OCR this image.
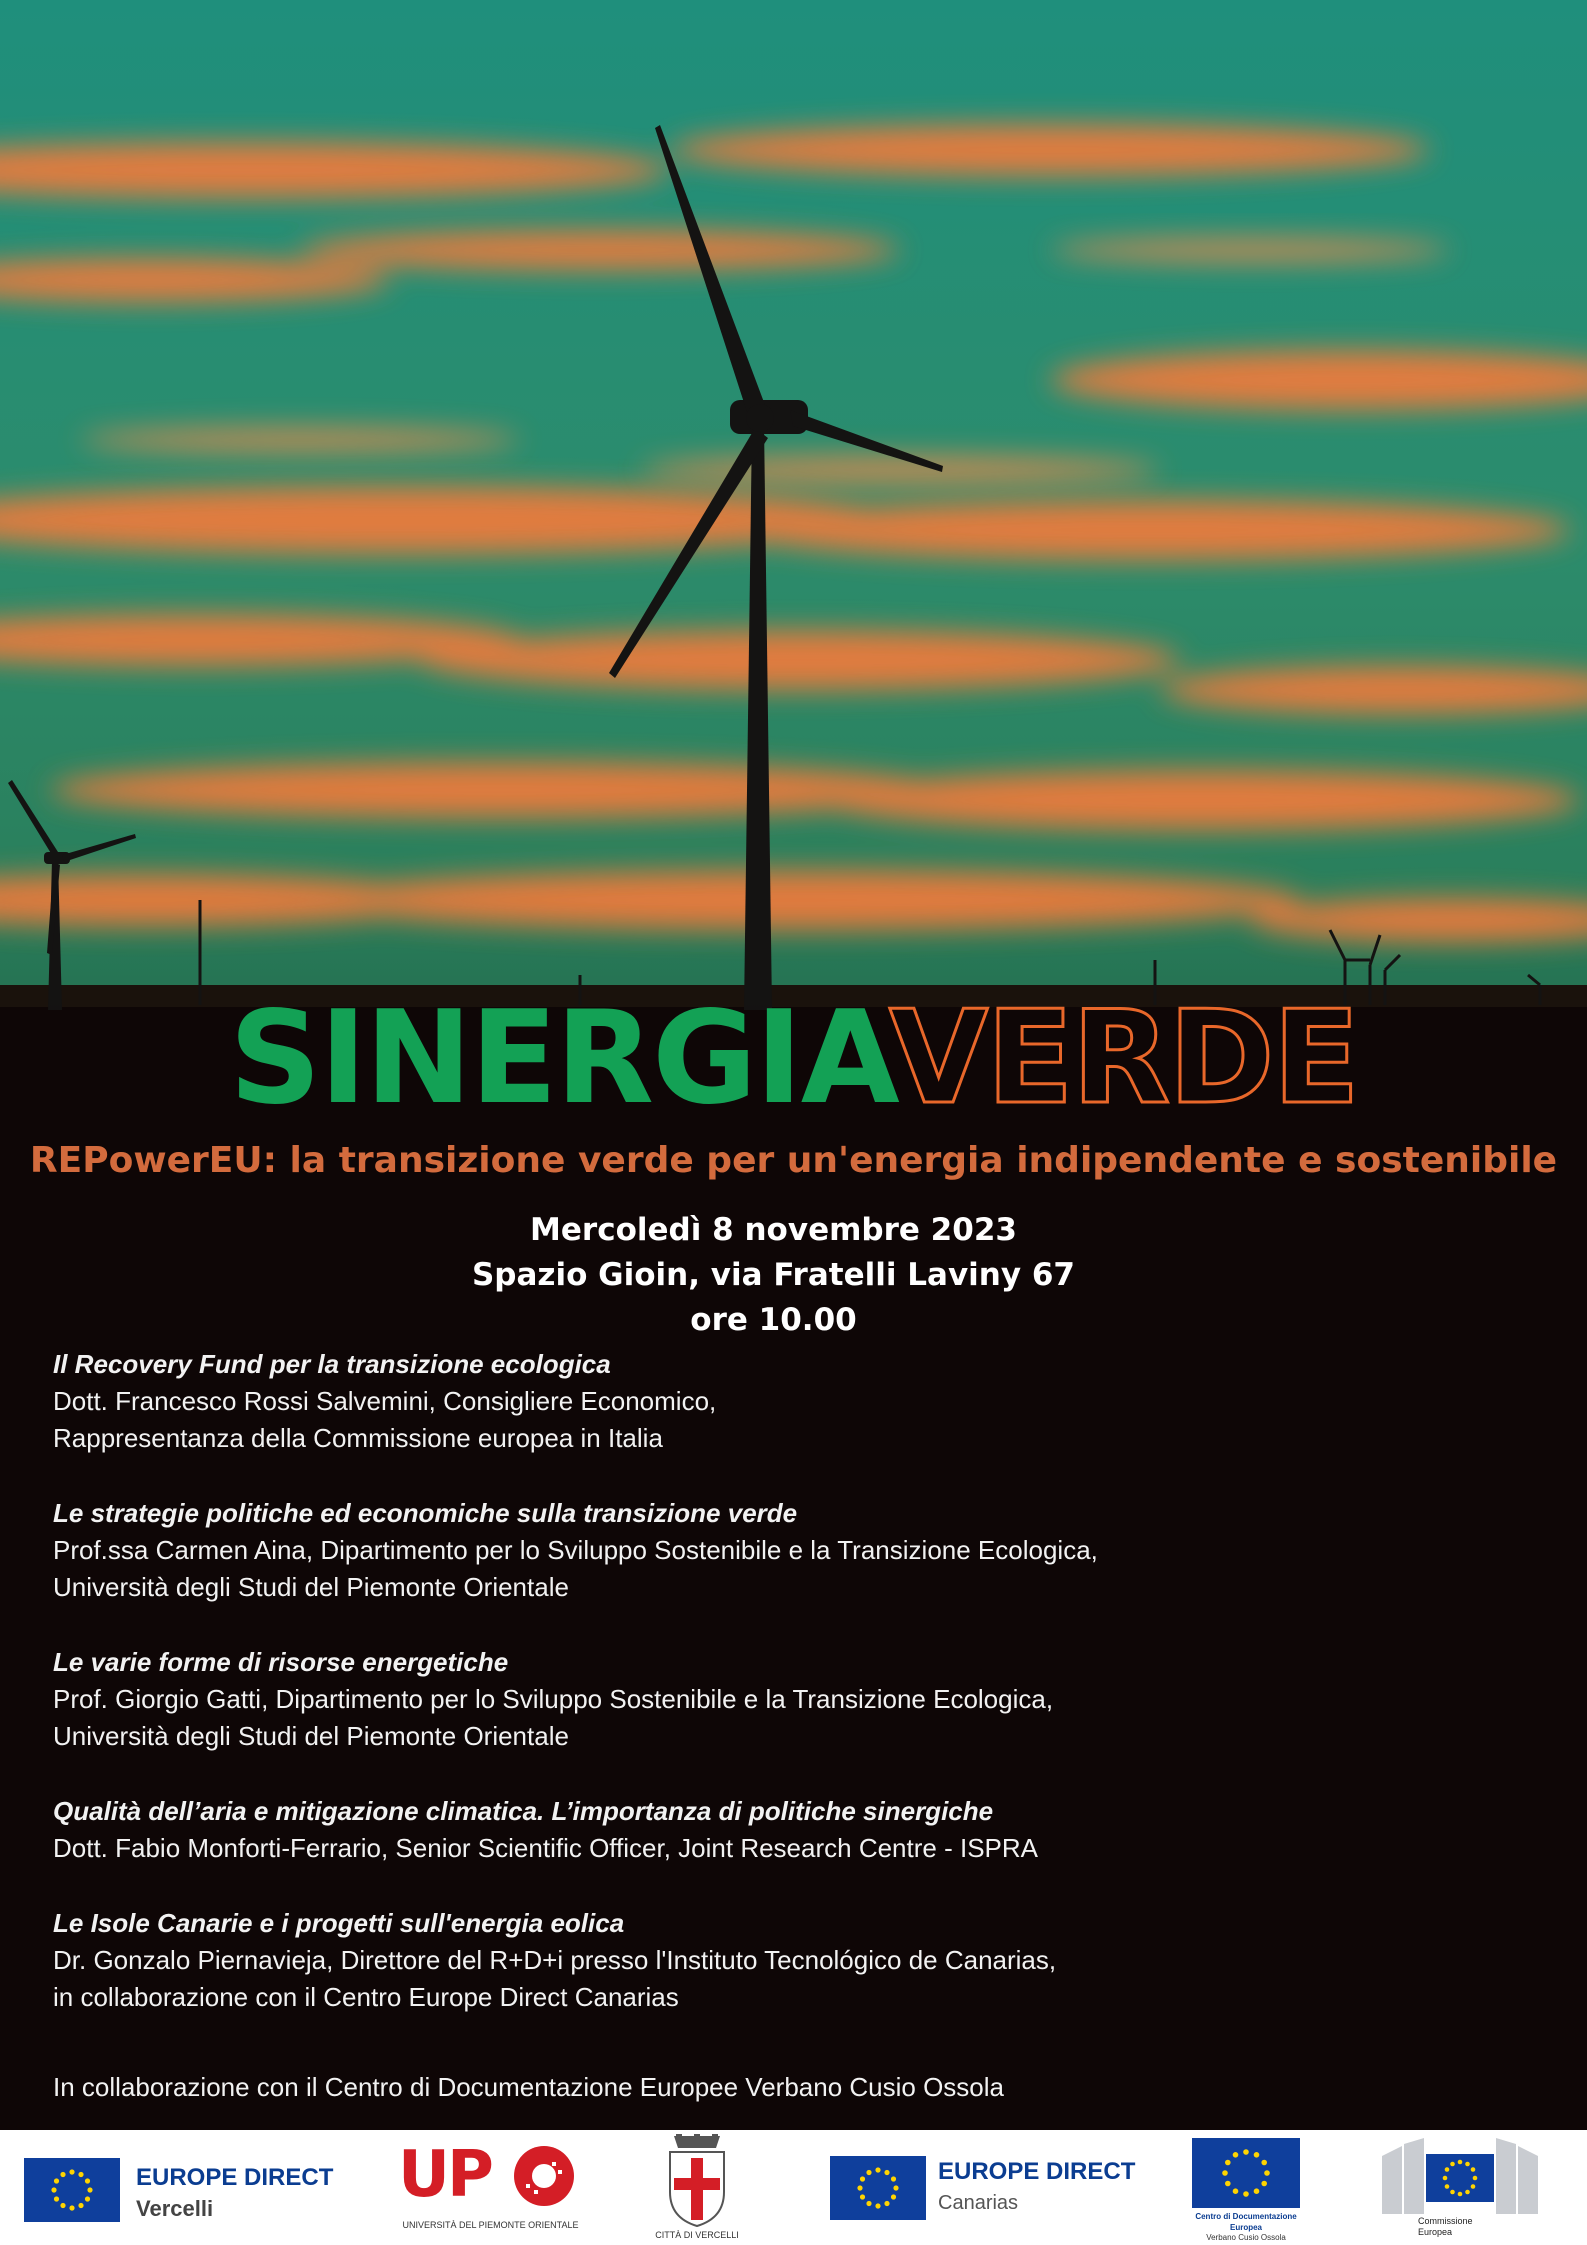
SINERGIAVERDE
REPowerEU: la transizione verde per un'energia indipendente e sostenibile
Mercoledì 8 novembre 2023
Spazio Gioin, via Fratelli Laviny 67
ore 10.00
Il Recovery Fund per la transizione ecologica
Dott. Francesco Rossi Salvemini, Consigliere Economico,
Rappresentanza della Commissione europea in Italia
Le strategie politiche ed economiche sulla transizione verde
Prof.ssa Carmen Aina, Dipartimento per lo Sviluppo Sostenibile e la Transizione Ecologica,
Università degli Studi del Piemonte Orientale
Le varie forme di risorse energetiche
Prof. Giorgio Gatti, Dipartimento per lo Sviluppo Sostenibile e la Transizione Ecologica,
Università degli Studi del Piemonte Orientale
Qualità dell’aria e mitigazione climatica. L’importanza di politiche sinergiche
Dott. Fabio Monforti-Ferrario, Senior Scientific Officer, Joint Research Centre - ISPRA
Le Isole Canarie e i progetti sull'energia eolica
Dr. Gonzalo Piernavieja, Direttore del R+D+i presso l'Instituto Tecnológico de Canarias,
in collaborazione con il Centro Europe Direct Canarias
In collaborazione con il Centro di Documentazione Europee Verbano Cusio Ossola
EUROPE DIRECT
Vercelli	UP
UNIVERSITÀ DEL PIEMONTE ORIENTALE
CITTÀ DI VERCELLI
EUROPE DIRECT
Canarias
Centro di Documentazione
Europea
Verbano Cusio Ossola
Commissione
Europea
